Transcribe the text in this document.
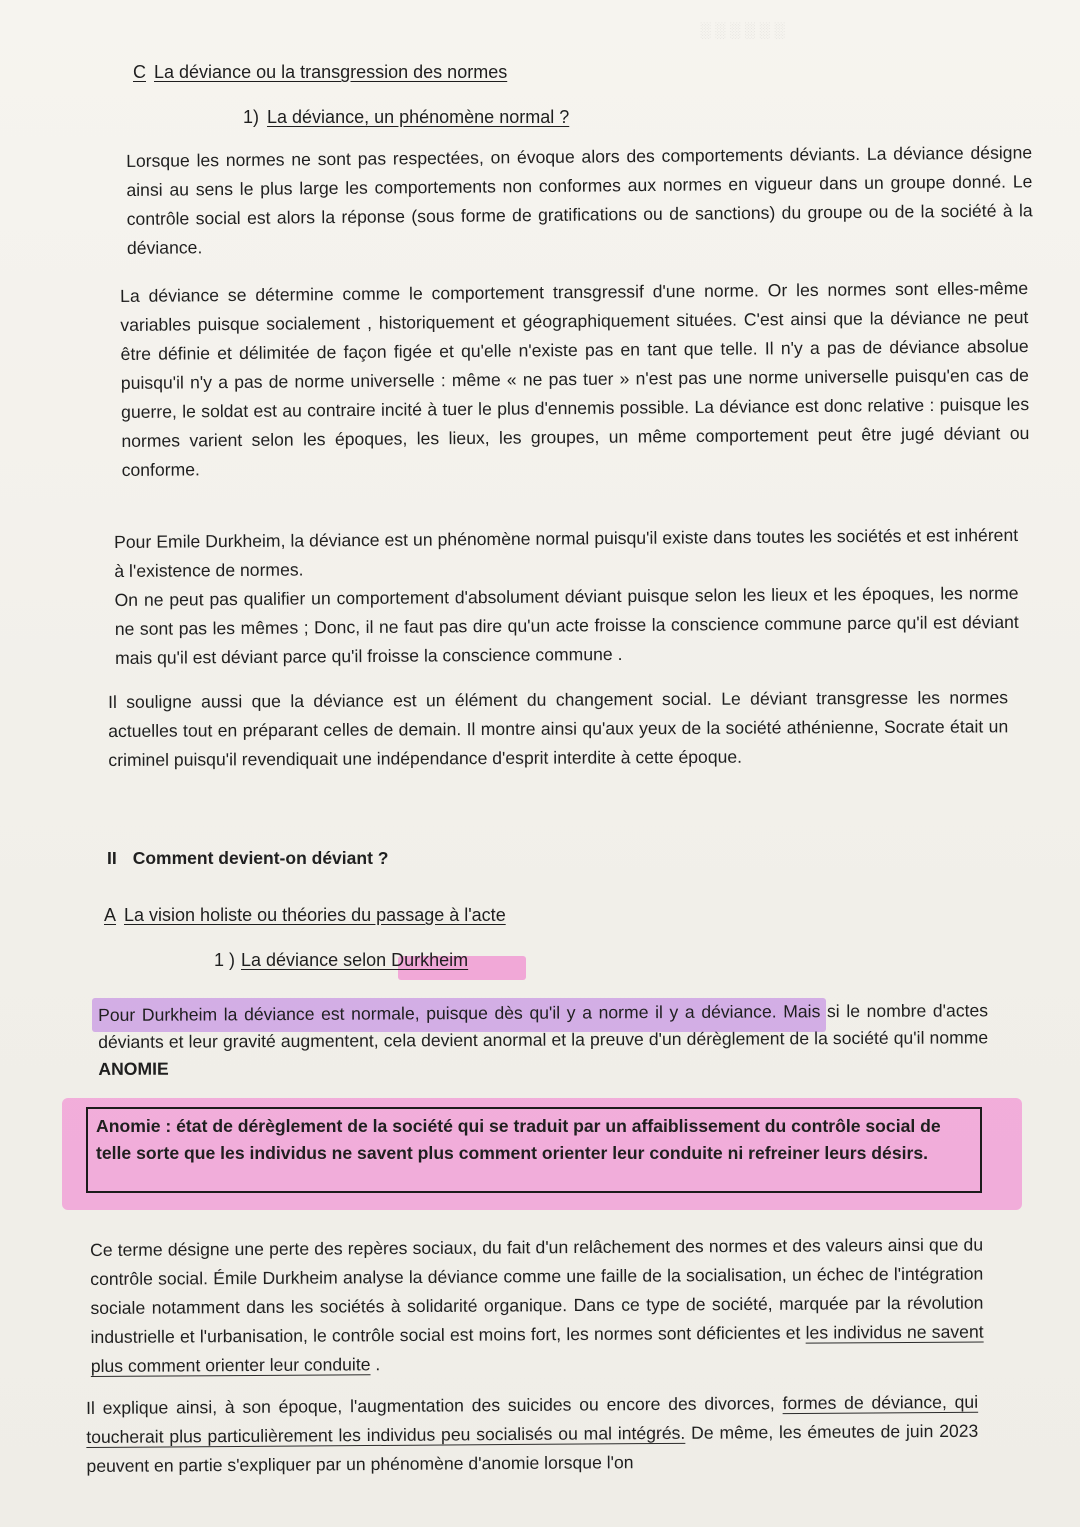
░ ░ ░ ░ ░ ░
C La déviance ou la transgression des normes
1) La déviance, un phénomène normal ?

Lorsque les normes ne sont pas respectées, on évoque alors des comportements déviants. La déviance désigne ainsi au sens le plus large les comportements non conformes aux normes en vigueur dans un groupe donné. Le contrôle social est alors la réponse (sous forme de gratifications ou de sanctions) du groupe ou de la société à la déviance.

La déviance se détermine comme le comportement transgressif d'une norme. Or les normes sont elles-même variables puisque socialement , historiquement et géographiquement situées. C'est ainsi que la déviance ne peut être définie et délimitée de façon figée et qu'elle n'existe pas en tant que telle. Il n'y a pas de déviance absolue puisqu'il n'y a pas de norme universelle : même « ne pas tuer » n'est pas une norme universelle puisqu'en cas de guerre, le soldat est au contraire incité à tuer le plus d'ennemis possible. La déviance est donc relative : puisque les normes varient selon les époques, les lieux, les groupes, un même comportement peut être jugé déviant ou conforme.

Pour Emile Durkheim, la déviance est un phénomène normal puisqu'il existe dans toutes les sociétés et est inhérent à l'existence de normes.

On ne peut pas qualifier un comportement d'absolument déviant puisque selon les lieux et les époques, les norme ne sont pas les mêmes ; Donc, il ne faut pas dire qu'un acte froisse la conscience commune parce qu'il est déviant mais qu'il est déviant parce qu'il froisse la conscience commune .

Il souligne aussi que la déviance est un élément du changement social. Le déviant transgresse les normes actuelles tout en préparant celles de demain. Il montre ainsi qu'aux yeux de la société athénienne, Socrate était un criminel puisqu'il revendiquait une indépendance d'esprit interdite à cette époque.

II Comment devient-on déviant ?
A La vision holiste ou théories du passage à l'acte
1 ) La déviance selon Durkheim

Pour Durkheim la déviance est normale, puisque dès qu'il y a norme il y a déviance. Mais si le nombre d'actes déviants et leur gravité augmentent, cela devient anormal et la preuve d'un dérèglement de la société qu'il nomme ANOMIE

Anomie : état de dérèglement de la société qui se traduit par un affaiblissement du contrôle social de telle sorte que les individus ne savent plus comment orienter leur conduite ni refreiner leurs désirs.

Ce terme désigne une perte des repères sociaux, du fait d'un relâchement des normes et des valeurs ainsi que du contrôle social. Émile Durkheim analyse la déviance comme une faille de la socialisation, un échec de l'intégration sociale notamment dans les sociétés à solidarité organique. Dans ce type de société, marquée par la révolution industrielle et l'urbanisation, le contrôle social est moins fort, les normes sont déficientes et les individus ne savent plus comment orienter leur conduite .

Il explique ainsi, à son époque, l'augmentation des suicides ou encore des divorces, formes de déviance, qui toucherait plus particulièrement les individus peu socialisés ou mal intégrés. De même, les émeutes de juin 2023 peuvent en partie s'expliquer par un phénomène d'anomie lorsque l'on
